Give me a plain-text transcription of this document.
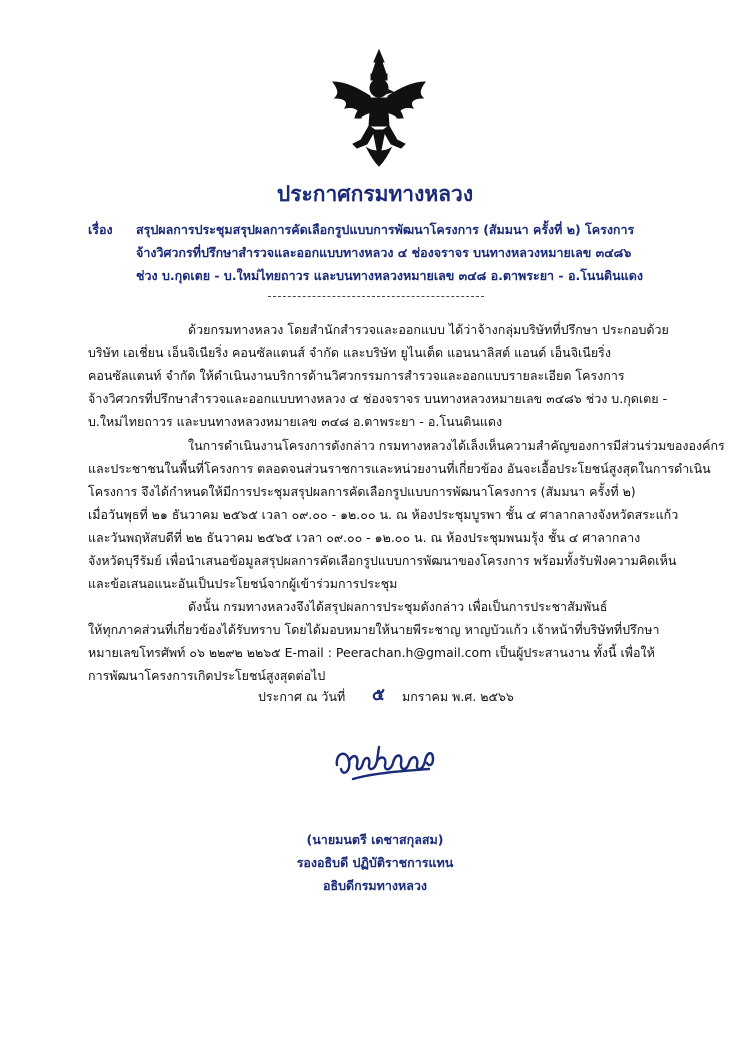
ประกาศกรมทางหลวง
เรื่อง สรุปผลการประชุมสรุปผลการคัดเลือกรูปแบบการพัฒนาโครงการ (สัมมนา ครั้งที่ ๒) โครงการ
จ้างวิศวกรที่ปรึกษาสำรวจและออกแบบทางหลวง ๔ ช่องจราจร บนทางหลวงหมายเลข ๓๔๘๖
ช่วง บ.กุดเตย - บ.ใหม่ไทยถาวร และบนทางหลวงหมายเลข ๓๔๘ อ.ตาพระยา - อ.โนนดินแดง
ด้วยกรมทางหลวง โดยสำนักสำรวจและออกแบบ ได้ว่าจ้างกลุ่มบริษัทที่ปรึกษา ประกอบด้วย
บริษัท เอเชี่ยน เอ็นจิเนียริ่ง คอนซัลแตนส์ จำกัด และบริษัท ยูไนเต็ด แอนนาลิสต์ แอนด์ เอ็นจิเนียริ่ง
คอนซัลแตนท์ จำกัด ให้ดำเนินงานบริการด้านวิศวกรรมการสำรวจและออกแบบรายละเอียด โครงการ
จ้างวิศวกรที่ปรึกษาสำรวจและออกแบบทางหลวง ๔ ช่องจราจร บนทางหลวงหมายเลข ๓๔๘๖ ช่วง บ.กุดเตย -
บ.ใหม่ไทยถาวร และบนทางหลวงหมายเลข ๓๔๘ อ.ตาพระยา - อ.โนนดินแดง
ในการดำเนินงานโครงการดังกล่าว กรมทางหลวงได้เล็งเห็นความสำคัญของการมีส่วนร่วมขององค์กร
และประชาชนในพื้นที่โครงการ ตลอดจนส่วนราชการและหน่วยงานที่เกี่ยวข้อง อันจะเอื้อประโยชน์สูงสุดในการดำเนิน
โครงการ จึงได้กำหนดให้มีการประชุมสรุปผลการคัดเลือกรูปแบบการพัฒนาโครงการ (สัมมนา ครั้งที่ ๒)
เมื่อวันพุธที่ ๒๑ ธันวาคม ๒๕๖๕ เวลา ๐๙.๐๐ - ๑๒.๐๐ น. ณ ห้องประชุมบูรพา ชั้น ๔ ศาลากลางจังหวัดสระแก้ว
และวันพฤหัสบดีที่ ๒๒ ธันวาคม ๒๕๖๕ เวลา ๐๙.๐๐ - ๑๒.๐๐ น. ณ ห้องประชุมพนมรุ้ง ชั้น ๔ ศาลากลาง
จังหวัดบุรีรัมย์ เพื่อนำเสนอข้อมูลสรุปผลการคัดเลือกรูปแบบการพัฒนาของโครงการ พร้อมทั้งรับฟังความคิดเห็น
และข้อเสนอแนะอันเป็นประโยชน์จากผู้เข้าร่วมการประชุม
ดังนั้น กรมทางหลวงจึงได้สรุปผลการประชุมดังกล่าว เพื่อเป็นการประชาสัมพันธ์
ให้ทุกภาคส่วนที่เกี่ยวข้องได้รับทราบ โดยได้มอบหมายให้นายพีระชาญ หาญบัวแก้ว เจ้าหน้าที่บริษัทที่ปรึกษา
หมายเลขโทรศัพท์ ๐๖ ๒๒๙๒ ๒๒๖๕ E-mail : Peerachan.h@gmail.com เป็นผู้ประสานงาน ทั้งนี้ เพื่อให้
การพัฒนาโครงการเกิดประโยชน์สูงสุดต่อไป
ประกาศ ณ วันที่ ๕ มกราคม พ.ศ. ๒๕๖๖
(นายมนตรี เดชาสกุลสม)
รองอธิบดี ปฏิบัติราชการแทน
อธิบดีกรมทางหลวง
